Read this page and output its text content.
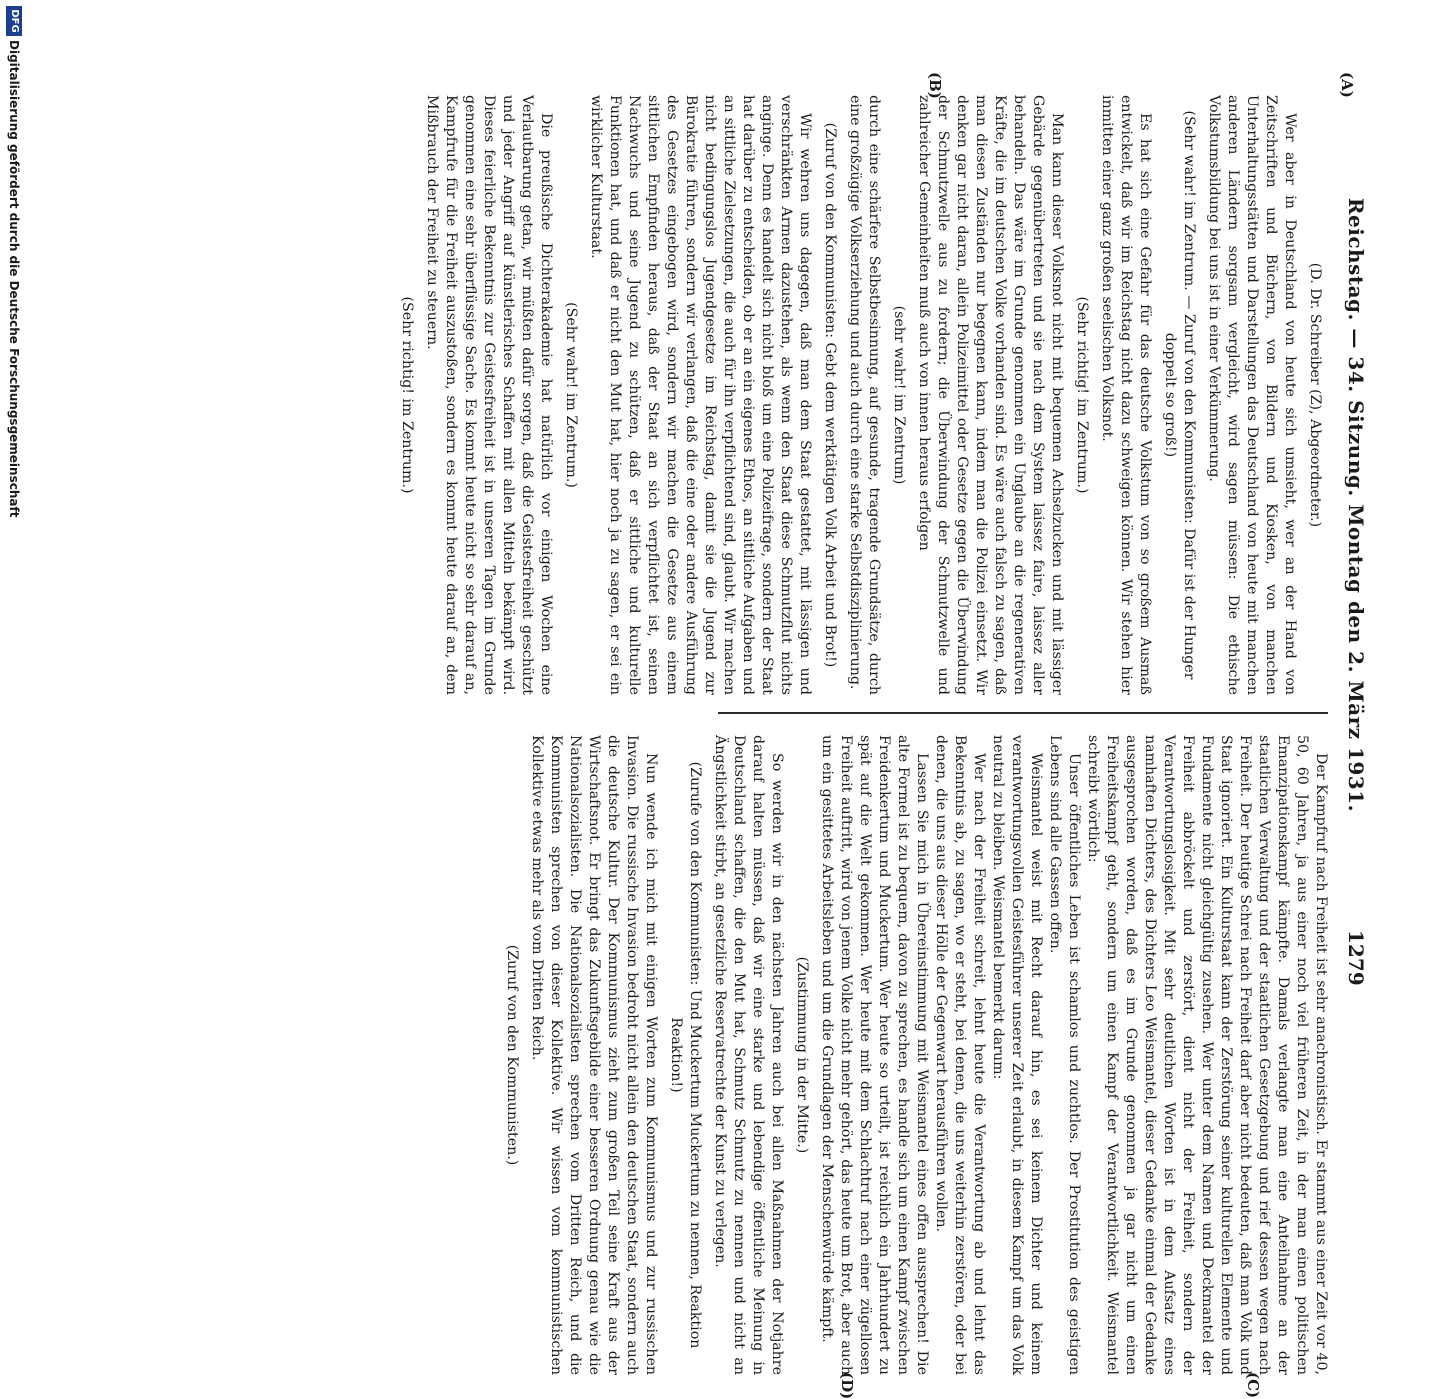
Reichstag. — 34. Sitzung. Montag den 2. März 1931.
1279
(A)
(B)
(C)
(D)
(D. Dr. Schreiber (Z), Abgeordneter.)

Wer aber in Deutschland von heute sich umsieht, wer an der Hand von Zeitschriften und Büchern, von Bildern und Kiosken, von manchen Unterhaltungsstätten und Darstellungen das Deutschland von heute mit manchen anderen Ländern sorgsam vergleicht, wird sagen müssen: Die ethische Volkstumsbildung bei uns ist in einer Verkümmerung.

(Sehr wahr! im Zentrum. — Zuruf von den Kommunisten: Dafür ist der Hunger doppelt so groß!)

Es hat sich eine Gefahr für das deutsche Volkstum von so großem Ausmaß entwickelt, daß wir im Reichstag nicht dazu schweigen können. Wir stehen hier inmitten einer ganz großen seelischen Volksnot.

(Sehr richtig! im Zentrum.)

Man kann dieser Volksnot nicht mit bequemen Achselzucken und mit lässiger Gebärde gegenübertreten und sie nach dem System laissez faire, laissez aller behandeln. Das wäre im Grunde genommen ein Unglaube an die regenerativen Kräfte, die im deutschen Volke vorhanden sind. Es wäre auch falsch zu sagen, daß man diesen Zuständen nur begegnen kann, indem man die Polizei einsetzt. Wir denken gar nicht daran, allein Polizeimittel oder Gesetze gegen die Überwindung der Schmutzwelle aus zu fordern; die Überwindung der Schmutzwelle und zahlreicher Gemeinheiten muß auch von innen heraus erfolgen

(sehr wahr! im Zentrum)

durch eine schärfere Selbstbesinnung, auf gesunde, tragende Grundsätze, durch eine großzügige Volkserziehung und auch durch eine starke Selbstdisziplinierung.

(Zuruf von den Kommunisten: Gebt dem werktätigen Volk Arbeit und Brot!)

Wir wehren uns dagegen, daß man dem Staat gestattet, mit lässigen und verschränkten Armen dazustehen, als wenn den Staat diese Schmutzflut nichts anginge. Denn es handelt sich nicht bloß um eine Polizeifrage, sondern der Staat hat darüber zu entscheiden, ob er an ein eigenes Ethos, an sittliche Aufgaben und an sittliche Zielsetzungen, die auch für ihn verpflichtend sind, glaubt. Wir machen nicht bedingungslos Jugendgesetze im Reichstag, damit sie die Jugend zur Bürokratie führen, sondern wir verlangen, daß die eine oder andere Ausführung des Gesetzes eingebogen wird, sondern wir machen die Gesetze aus einem sittlichen Empfinden heraus, daß der Staat an sich verpflichtet ist, seinen Nachwuchs und seine Jugend zu schützen, daß er sittliche und kulturelle Funktionen hat, und daß er nicht den Mut hat, hier noch ja zu sagen, er sei ein wirklicher Kulturstaat.

(Sehr wahr! im Zentrum.)

Die preußische Dichterakademie hat natürlich vor einigen Wochen eine Verlautbarung getan, wir müßten dafür sorgen, daß die Geistesfreiheit geschützt und jeder Angriff auf künstlerisches Schaffen mit allen Mitteln bekämpft wird. Dieses feierliche Bekenntnis zur Geistesfreiheit ist in unseren Tagen im Grunde genommen eine sehr überflüssige Sache. Es kommt heute nicht so sehr darauf an, Kampfrufe für die Freiheit auszustoßen, sondern es kommt heute darauf an, dem Mißbrauch der Freiheit zu steuern.

(Sehr richtig! im Zentrum.)

Der Kampfruf nach Freiheit ist sehr anachronistisch. Er stammt aus einer Zeit vor 40, 50, 60 Jahren, ja aus einer noch viel früheren Zeit, in der man einen politischen Emanzipationskampf kämpfte. Damals verlangte man eine Anteilnahme an der staatlichen Verwaltung und der staatlichen Gesetzgebung und rief dessen wegen nach Freiheit. Der heutige Schrei nach Freiheit darf aber nicht bedeuten, daß man Volk und Staat ignoriert. Ein Kulturstaat kann der Zerstörung seiner kulturellen Elemente und Fundamente nicht gleichgültig zusehen. Wer unter dem Namen und Deckmantel der Freiheit abbröckelt und zerstört, dient nicht der Freiheit, sondern der Verantwortungslosigkeit. Mit sehr deutlichen Worten ist in dem Aufsatz eines namhaften Dichters, des Dichters Leo Weismantel, dieser Gedanke einmal der Gedanke ausgesprochen worden, daß es im Grunde genommen ja gar nicht um einen Freiheitskampf geht, sondern um einen Kampf der Verantwortlichkeit. Weismantel schreibt wörtlich:

Unser öffentliches Leben ist schamlos und zuchtlos. Der Prostitution des geistigen Lebens sind alle Gassen offen.

Weismantel weist mit Recht darauf hin, es sei keinem Dichter und keinem verantwortungsvollen Geistesführer unserer Zeit erlaubt, in diesem Kampf um das Volk neutral zu bleiben. Weismantel bemerkt darum:

Wer nach der Freiheit schreit, lehnt heute die Verantwortung ab und lehnt das Bekenntnis ab, zu sagen, wo er steht, bei denen, die uns weiterhin zerstören, oder bei denen, die uns aus dieser Hölle der Gegenwart herausführen wollen.

Lassen Sie mich in Übereinstimmung mit Weismantel eines offen aussprechen! Die alte Formel ist zu bequem, davon zu sprechen, es handle sich um einen Kampf zwischen Freidenkertum und Muckertum. Wer heute so urteilt, ist reichlich ein Jahrhundert zu spät auf die Welt gekommen. Wer heute mit dem Schlachtruf nach einer zügellosen Freiheit auftritt, wird von jenem Volke nicht mehr gehört, das heute um Brot, aber auch um ein gesittetes Arbeitsleben und um die Grundlagen der Menschenwürde kämpft.

(Zustimmung in der Mitte.)

So werden wir in den nächsten Jahren auch bei allen Maßnahmen der Notjahre darauf halten müssen, daß wir eine starke und lebendige öffentliche Meinung in Deutschland schaffen, die den Mut hat, Schmutz Schmutz zu nennen und nicht an Ängstlichkeit stirbt, an gesetzliche Reservatrechte der Kunst zu verlegen.

(Zurufe von den Kommunisten: Und Muckertum Muckertum zu nennen, Reaktion Reaktion!)

Nun wende ich mich mit einigen Worten zum Kommunismus und zur russischen Invasion. Die russische Invasion bedroht nicht allein den deutschen Staat, sondern auch die deutsche Kultur. Der Kommunismus zieht zum großen Teil seine Kraft aus der Wirtschaftsnot. Er bringt das Zukunftsgebilde einer besseren Ordnung genau wie die Nationalsozialisten. Die Nationalsozialisten sprechen vom Dritten Reich, und die Kommunisten sprechen von dieser Kollektive. Wir wissen vom kommunistischen Kollektive etwas mehr als vom Dritten Reich.

(Zuruf von den Kommunisten.)
DFG
Digitalisierung gefördert durch die Deutsche Forschungsgemeinschaft
